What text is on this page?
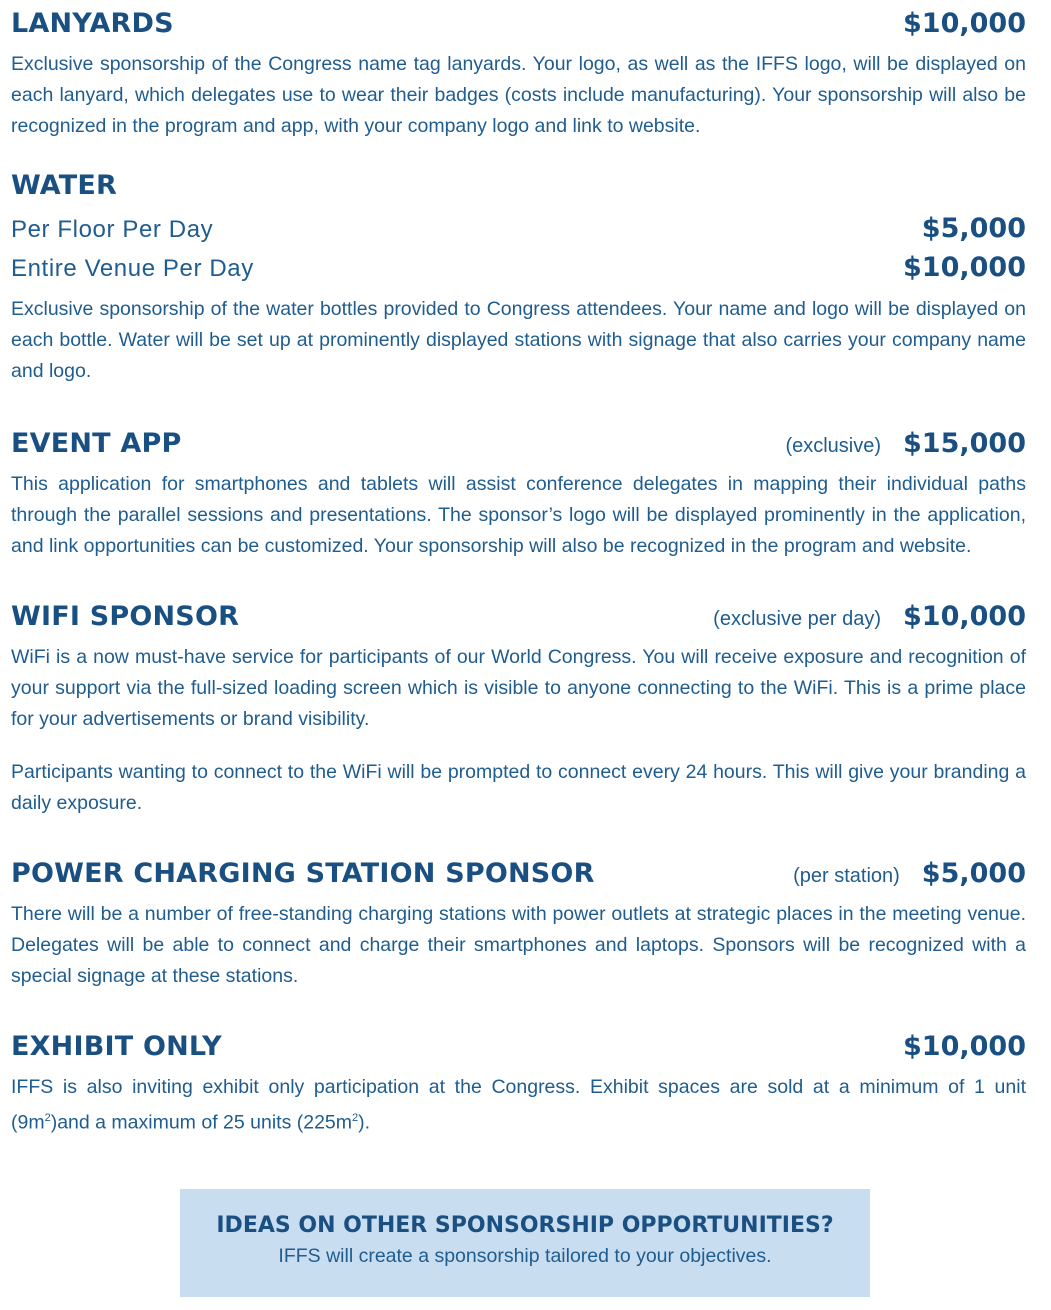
LANYARDS	$10,000

Exclusive sponsorship of the Congress name tag lanyards. Your logo, as well as the IFFS logo, will be displayed on each lanyard, which delegates use to wear their badges (costs include manufacturing). Your sponsorship will also be recognized in the program and app, with your company logo and link to website.

WATER
Per Floor Per Day	$5,000
Entire Venue Per Day	$10,000

Exclusive sponsorship of the water bottles provided to Congress attendees. Your name and logo will be displayed on each bottle. Water will be set up at prominently displayed stations with signage that also carries your company name and logo.

EVENT APP	(exclusive) $15,000

This application for smartphones and tablets will assist conference delegates in mapping their individual paths through the parallel sessions and presentations. The sponsor’s logo will be displayed prominently in the application, and link opportunities can be customized. Your sponsorship will also be recognized in the program and website.

WIFI SPONSOR	(exclusive per day) $10,000

WiFi is a now must-have service for participants of our World Congress. You will receive exposure and recognition of your support via the full-sized loading screen which is visible to anyone connecting to the WiFi. This is a prime place for your advertisements or brand visibility.

Participants wanting to connect to the WiFi will be prompted to connect every 24 hours. This will give your branding a daily exposure.

POWER CHARGING STATION SPONSOR	(per station) $5,000

There will be a number of free-standing charging stations with power outlets at strategic places in the meeting venue. Delegates will be able to connect and charge their smartphones and laptops. Sponsors will be recognized with a special signage at these stations.

EXHIBIT ONLY	$10,000

IFFS is also inviting exhibit only participation at the Congress. Exhibit spaces are sold at a minimum of 1 unit $(9m^2)and$ a maximum of 25 units $(225m^2)$.

IDEAS ON OTHER SPONSORSHIP OPPORTUNITIES?
IFFS will create a sponsorship tailored to your objectives.
